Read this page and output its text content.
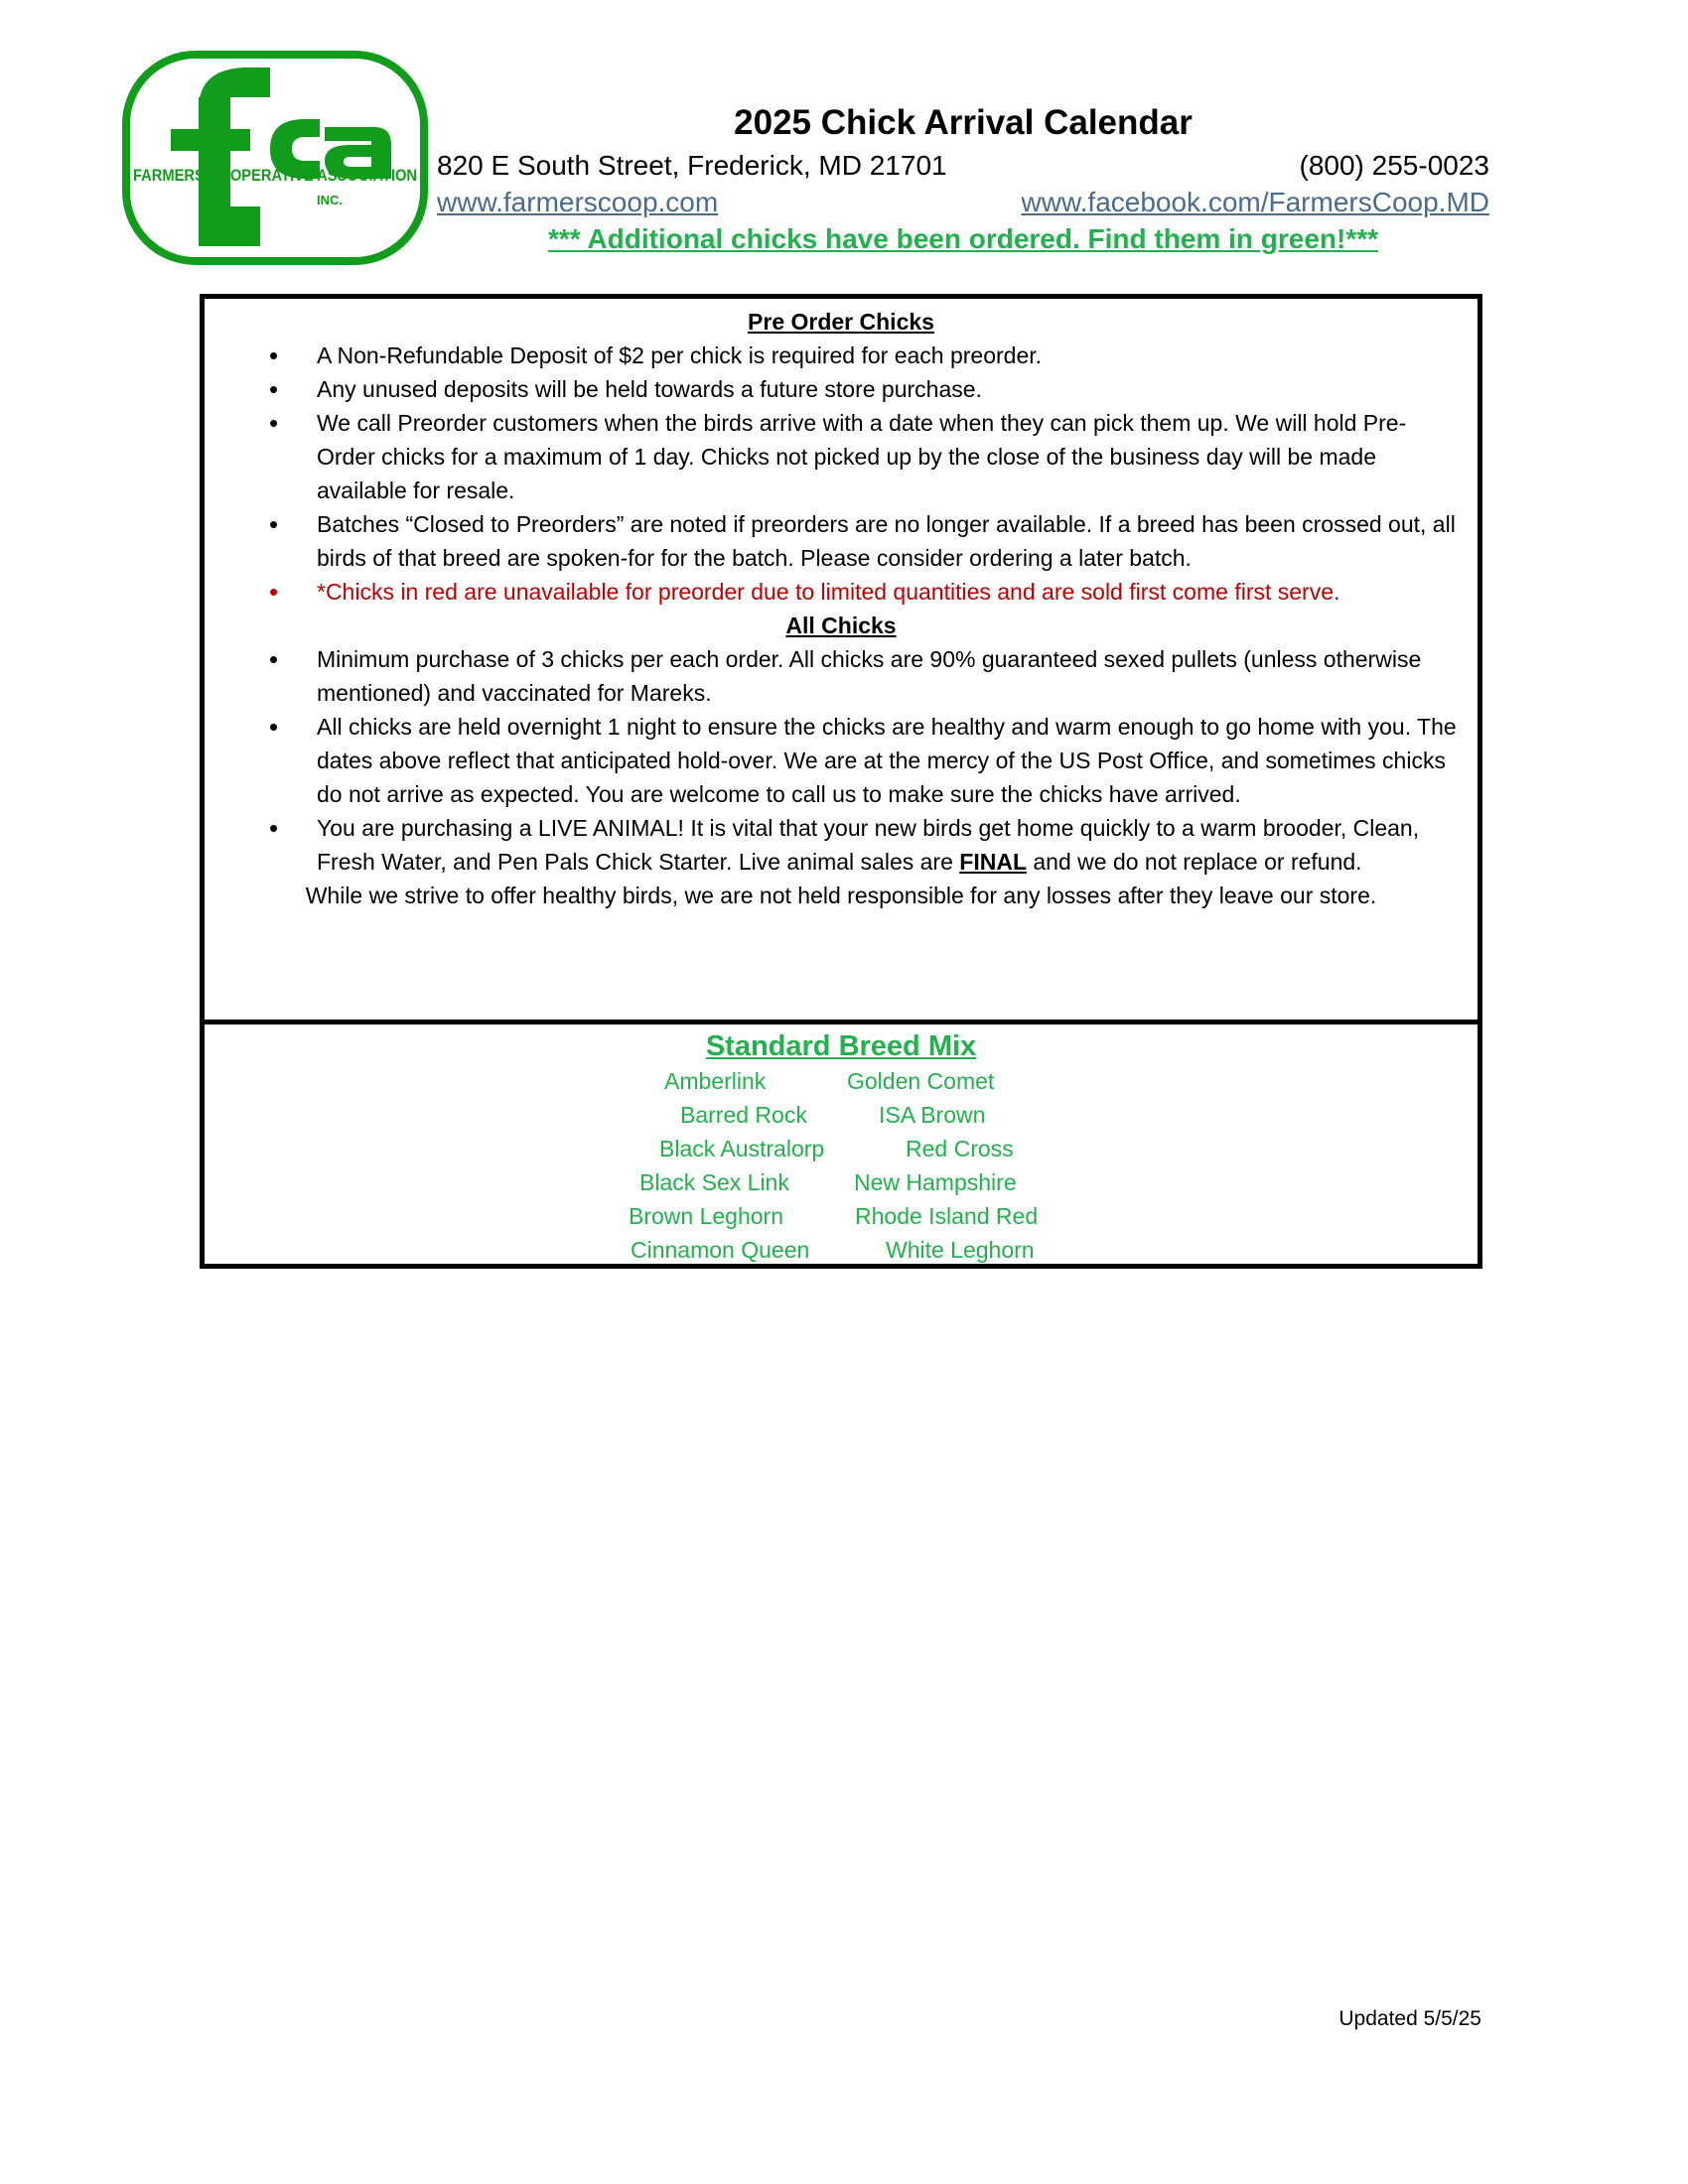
FARMERS COOPERATIVE ASSOCIATION
INC.
2025 Chick Arrival Calendar
820 E South Street, Frederick, MD 21701	(800) 255-0023
www.farmerscoop.com	www.facebook.com/FarmersCoop.MD
*** Additional chicks have been ordered. Find them in green!***
Pre Order Chicks
• A Non-Refundable Deposit of $2 per chick is required for each preorder.
• Any unused deposits will be held towards a future store purchase.
• We call Preorder customers when the birds arrive with a date when they can pick them up. We will hold Pre-Order chicks for a maximum of 1 day. Chicks not picked up by the close of the business day will be made available for resale.
• Batches “Closed to Preorders” are noted if preorders are no longer available. If a breed has been crossed out, all birds of that breed are spoken-for for the batch. Please consider ordering a later batch.
• *Chicks in red are unavailable for preorder due to limited quantities and are sold first come first serve.
All Chicks
• Minimum purchase of 3 chicks per each order. All chicks are 90% guaranteed sexed pullets (unless otherwise mentioned) and vaccinated for Mareks.
• All chicks are held overnight 1 night to ensure the chicks are healthy and warm enough to go home with you. The dates above reflect that anticipated hold-over. We are at the mercy of the US Post Office, and sometimes chicks do not arrive as expected. You are welcome to call us to make sure the chicks have arrived.
• You are purchasing a LIVE ANIMAL! It is vital that your new birds get home quickly to a warm brooder, Clean, Fresh Water, and Pen Pals Chick Starter. Live animal sales are FINAL and we do not replace or refund.
While we strive to offer healthy birds, we are not held responsible for any losses after they leave our store.
Standard Breed Mix
Amberlink	Golden Comet
Barred Rock	ISA Brown
Black Australorp	Red Cross
Black Sex Link	New Hampshire
Brown Leghorn	Rhode Island Red
Cinnamon Queen	White Leghorn
Updated 5/5/25
